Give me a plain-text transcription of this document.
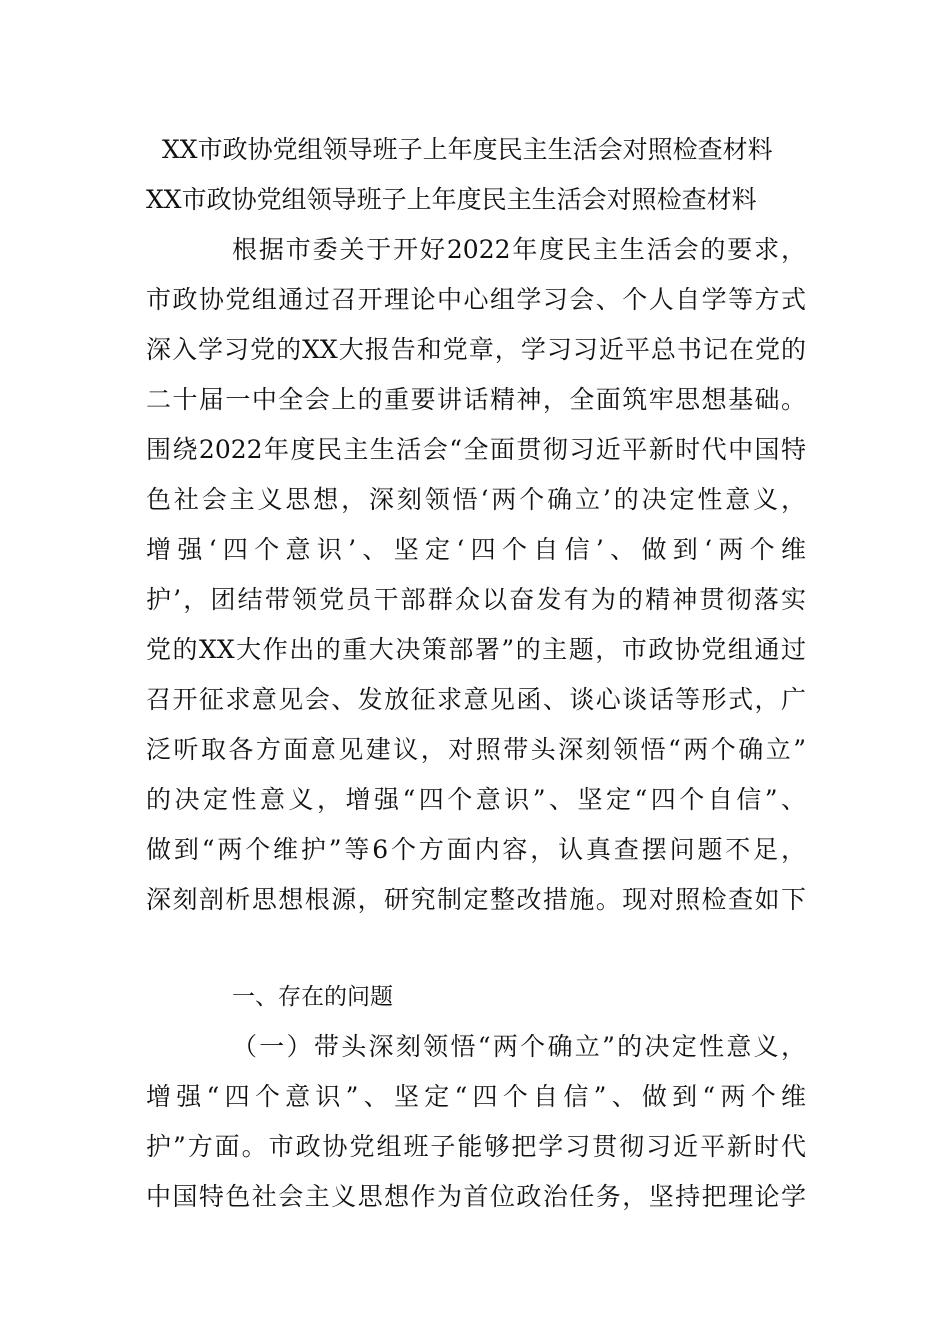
XX市政协党组领导班子上年度民主生活会对照检查材料
XX市政协党组领导班子上年度民主生活会对照检查材料
根据市委关于开好2022年度民主生活会的要求，
市政协党组通过召开理论中心组学习会、个人自学等方式
深入学习党的XX大报告和党章，学习习近平总书记在党的
二十届一中全会上的重要讲话精神，全面筑牢思想基础。
围绕2022年度民主生活会“全面贯彻习近平新时代中国特
色社会主义思想，深刻领悟‘两个确立’的决定性意义，
增强‘四个意识’、坚定‘四个自信’、做到‘两个维
护’，团结带领党员干部群众以奋发有为的精神贯彻落实
党的XX大作出的重大决策部署”的主题，市政协党组通过
召开征求意见会、发放征求意见函、谈心谈话等形式，广
泛听取各方面意见建议，对照带头深刻领悟“两个确立”
的决定性意义，增强“四个意识”、坚定“四个自信”、
做到“两个维护”等6个方面内容，认真查摆问题不足，
深刻剖析思想根源，研究制定整改措施。现对照检查如下
一、存在的问题
（一）带头深刻领悟“两个确立”的决定性意义，
增强“四个意识”、坚定“四个自信”、做到“两个维
护”方面。市政协党组班子能够把学习贯彻习近平新时代
中国特色社会主义思想作为首位政治任务，坚持把理论学
